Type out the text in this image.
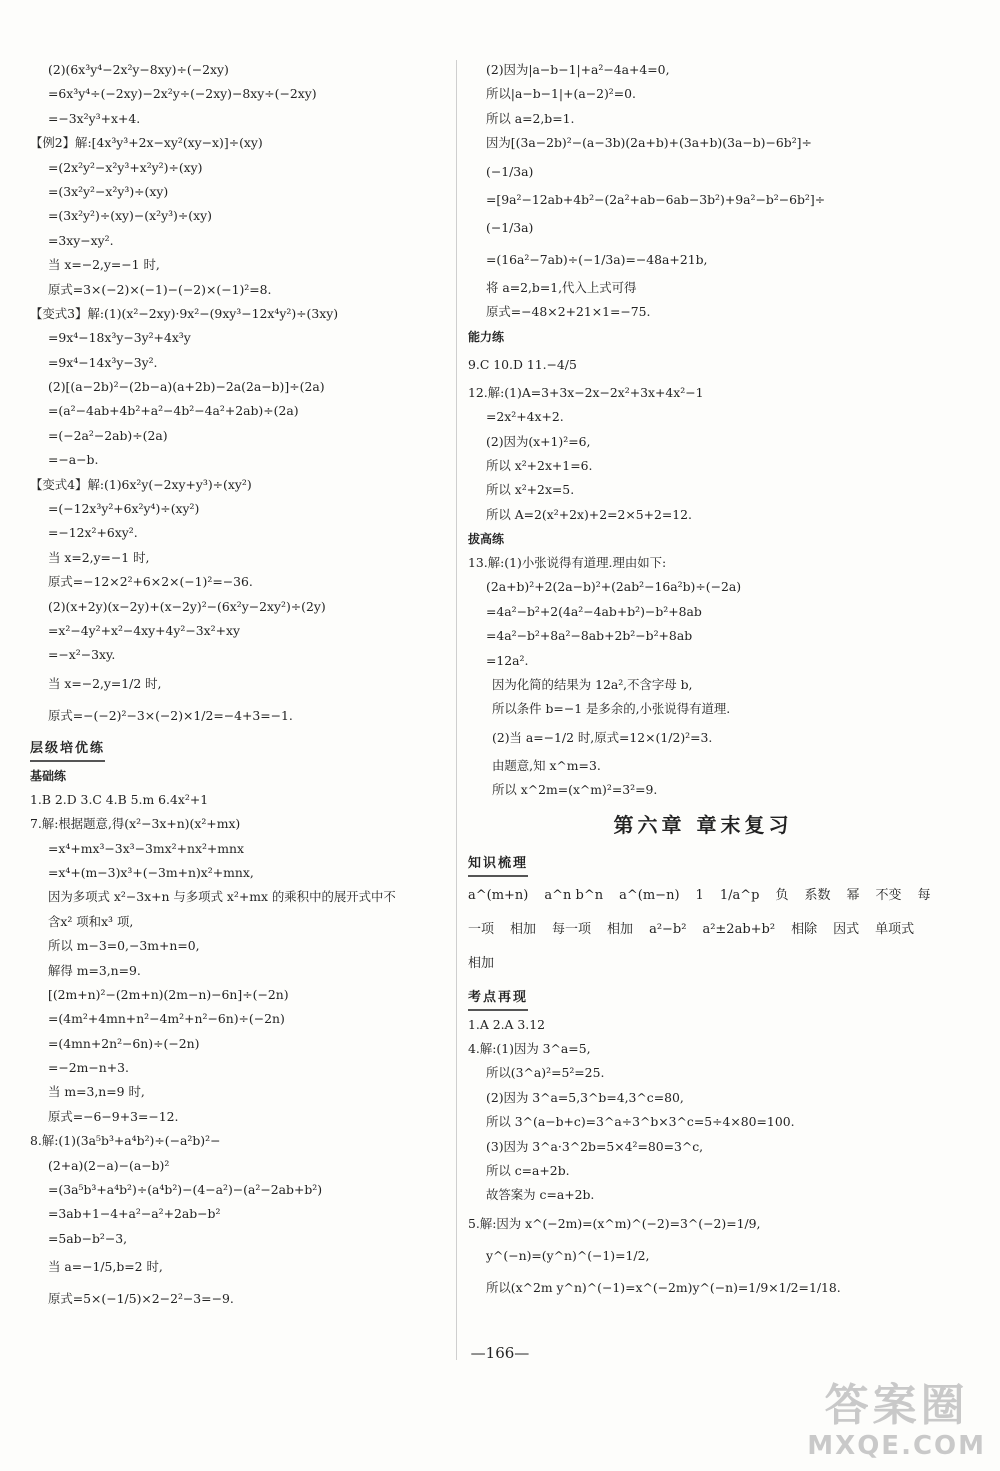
(2)(6x³y⁴−2x²y−8xy)÷(−2xy)
=6x³y⁴÷(−2xy)−2x²y÷(−2xy)−8xy÷(−2xy)
=−3x²y³+x+4.
【例2】解:[4x³y³+2x−xy²(xy−x)]÷(xy)
=(2x²y²−x²y³+x²y²)÷(xy)
=(3x²y²−x²y³)÷(xy)
=(3x²y²)÷(xy)−(x²y³)÷(xy)
=3xy−xy².
当 x=−2,y=−1 时,
原式=3×(−2)×(−1)−(−2)×(−1)²=8.
【变式3】解:(1)(x²−2xy)·9x²−(9xy³−12x⁴y²)÷(3xy)
=9x⁴−18x³y−3y²+4x³y
=9x⁴−14x³y−3y².
(2)[(a−2b)²−(2b−a)(a+2b)−2a(2a−b)]÷(2a)
=(a²−4ab+4b²+a²−4b²−4a²+2ab)÷(2a)
=(−2a²−2ab)÷(2a)
=−a−b.
【变式4】解:(1)6x²y(−2xy+y³)÷(xy²)
=(−12x³y²+6x²y⁴)÷(xy²)
=−12x²+6xy².
当 x=2,y=−1 时,
原式=−12×2²+6×2×(−1)²=−36.
(2)(x+2y)(x−2y)+(x−2y)²−(6x²y−2xy²)÷(2y)
=x²−4y²+x²−4xy+4y²−3x²+xy
=−x²−3xy.
当 x=−2,y=1/2 时,
原式=−(−2)²−3×(−2)×1/2=−4+3=−1.
层级培优练
基础练
1.B 2.D 3.C 4.B 5.m 6.4x²+1
7.解:根据题意,得(x²−3x+n)(x²+mx)
=x⁴+mx³−3x³−3mx²+nx²+mnx
=x⁴+(m−3)x³+(−3m+n)x²+mnx,
因为多项式 x²−3x+n 与多项式 x²+mx 的乘积中的展开式中不
含x² 项和x³ 项,
所以 m−3=0,−3m+n=0,
解得 m=3,n=9.
[(2m+n)²−(2m+n)(2m−n)−6n]÷(−2n)
=(4m²+4mn+n²−4m²+n²−6n)÷(−2n)
=(4mn+2n²−6n)÷(−2n)
=−2m−n+3.
当 m=3,n=9 时,
原式=−6−9+3=−12.
8.解:(1)(3a⁵b³+a⁴b²)÷(−a²b)²−
(2+a)(2−a)−(a−b)²
=(3a⁵b³+a⁴b²)÷(a⁴b²)−(4−a²)−(a²−2ab+b²)
=3ab+1−4+a²−a²+2ab−b²
=5ab−b²−3,
当 a=−1/5,b=2 时,
原式=5×(−1/5)×2−2²−3=−9.
(2)因为|a−b−1|+a²−4a+4=0,
所以|a−b−1|+(a−2)²=0.
所以 a=2,b=1.
因为[(3a−2b)²−(a−3b)(2a+b)+(3a+b)(3a−b)−6b²]÷
(−1/3a)
=[9a²−12ab+4b²−(2a²+ab−6ab−3b²)+9a²−b²−6b²]÷
(−1/3a)
=(16a²−7ab)÷(−1/3a)=−48a+21b,
将 a=2,b=1,代入上式可得
原式=−48×2+21×1=−75.
能力练
9.C 10.D 11.−4/5
12.解:(1)A=3+3x−2x−2x²+3x+4x²−1
=2x²+4x+2.
(2)因为(x+1)²=6,
所以 x²+2x+1=6.
所以 x²+2x=5.
所以 A=2(x²+2x)+2=2×5+2=12.
拔高练
13.解:(1)小张说得有道理.理由如下:
(2a+b)²+2(2a−b)²+(2ab²−16a²b)÷(−2a)
=4a²−b²+2(4a²−4ab+b²)−b²+8ab
=4a²−b²+8a²−8ab+2b²−b²+8ab
=12a².
因为化简的结果为 12a²,不含字母 b,
所以条件 b=−1 是多余的,小张说得有道理.
(2)当 a=−1/2 时,原式=12×(1/2)²=3.
由题意,知 x^m=3.
所以 x^2m=(x^m)²=3²=9.
第六章 章末复习
知识梳理
a^(m+n) a^n b^n a^(m−n) 1 1/a^p 负 系数 幂 不变 每一项 相加 每一项 相加 a²−b² a²±2ab+b² 相除 因式 单项式相加
考点再现
1.A 2.A 3.12
4.解:(1)因为 3^a=5,
所以(3^a)²=5²=25.
(2)因为 3^a=5,3^b=4,3^c=80,
所以 3^(a−b+c)=3^a÷3^b×3^c=5÷4×80=100.
(3)因为 3^a·3^2b=5×4²=80=3^c,
所以 c=a+2b.
故答案为 c=a+2b.
5.解:因为 x^(−2m)=(x^m)^(−2)=3^(−2)=1/9,
y^(−n)=(y^n)^(−1)=1/2,
所以(x^2m y^n)^(−1)=x^(−2m)y^(−n)=1/9×1/2=1/18.
—166—
答案圈
MXQE.COM
